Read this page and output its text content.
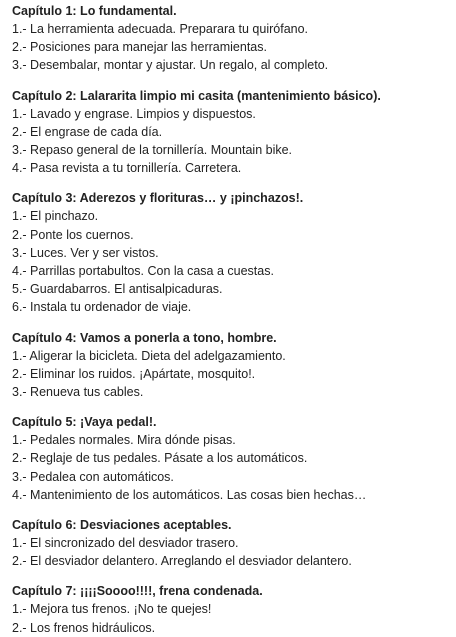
Capítulo 1: Lo fundamental.

1.- La herramienta adecuada. Preparara tu quirófano.

2.- Posiciones para manejar las herramientas.

3.- Desembalar, montar y ajustar. Un regalo, al completo.

Capítulo 2: Lalararita limpio mi casita (mantenimiento básico).

1.- Lavado y engrase. Limpios y dispuestos.

2.- El engrase de cada día.

3.- Repaso general de la tornillería. Mountain bike.

4.- Pasa revista a tu tornillería. Carretera.

Capítulo 3: Aderezos y florituras… y ¡pinchazos!.

1.- El pinchazo.

2.- Ponte los cuernos.

3.- Luces. Ver y ser vistos.

4.- Parrillas portabultos. Con la casa a cuestas.

5.- Guardabarros. El antisalpicaduras.

6.- Instala tu ordenador de viaje.

Capítulo 4: Vamos a ponerla a tono, hombre.

1.- Aligerar la bicicleta. Dieta del adelgazamiento.

2.- Eliminar los ruidos. ¡Apártate, mosquito!.

3.- Renueva tus cables.

Capítulo 5: ¡Vaya pedal!.

1.- Pedales normales. Mira dónde pisas.

2.- Reglaje de tus pedales. Pásate a los automáticos.

3.- Pedalea con automáticos.

4.- Mantenimiento de los automáticos. Las cosas bien hechas…

Capítulo 6: Desviaciones aceptables.

1.- El sincronizado del desviador trasero.

2.- El desviador delantero. Arreglando el desviador delantero.

Capítulo 7: ¡¡¡¡Soooo!!!!, frena condenada.

1.- Mejora tus frenos. ¡No te quejes!

2.- Los frenos hidráulicos.
